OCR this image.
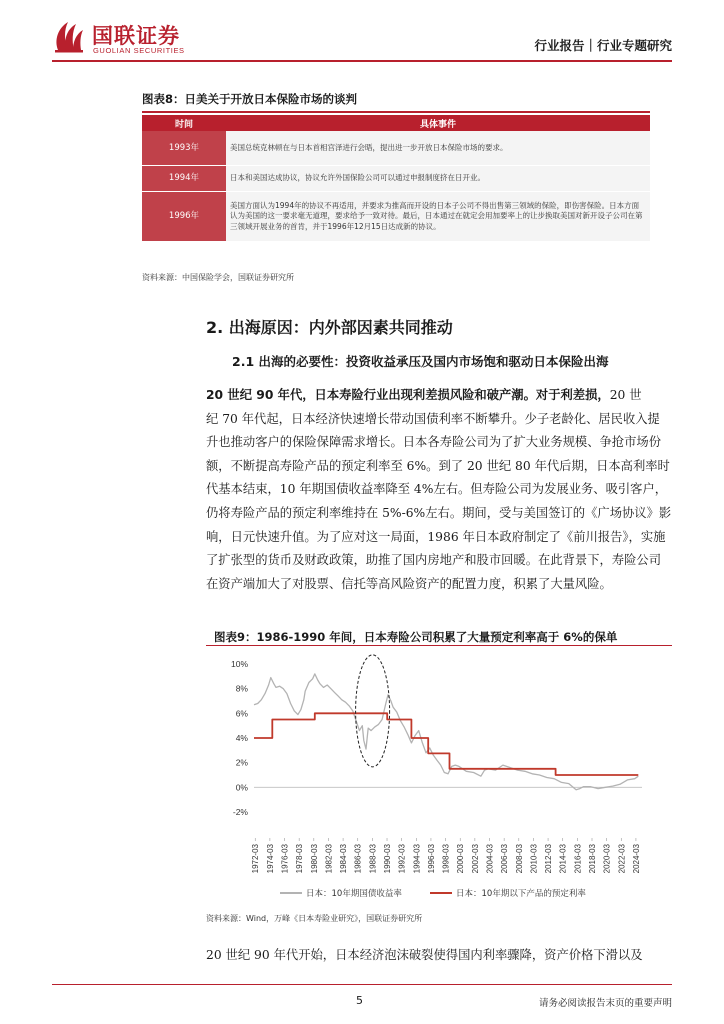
国联证券
GUOLIAN SECURITIES	行业报告｜行业专题研究
图表8：日美关于开放日本保险市场的谈判
时间	具体事件
1993年	美国总统克林顿在与日本首相宫泽进行会晤，提出进一步开放日本保险市场的要求。
1994年	日本和美国达成协议，协议允许外国保险公司可以通过申报制度挤在日开业。
1996年	美国方面认为1994年的协议不再适用，并要求为推高而开设的日本子公司不得出售第三领域的保险，即伤害保险。日本方面认为美国的这一要求毫无道理，要求给予一致对待。最后，日本通过在就定会用加要率上的让步换取美国对新开设子公司在第三领域开展业务的首肯，并于1996年12月15日达成新的协议。
资料来源：中国保险学会，国联证券研究所
2. 出海原因：内外部因素共同推动
2.1 出海的必要性：投资收益承压及国内市场饱和驱动日本保险出海
20 世纪 90 年代，日本寿险行业出现利差损风险和破产潮。对于利差损，20 世
纪 70 年代起，日本经济快速增长带动国债利率不断攀升。少子老龄化、居民收入提
升也推动客户的保险保障需求增长。日本各寿险公司为了扩大业务规模、争抢市场份
额，不断提高寿险产品的预定利率至 6%。到了 20 世纪 80 年代后期，日本高利率时
代基本结束，10 年期国债收益率降至 4%左右。但寿险公司为发展业务、吸引客户，
仍将寿险产品的预定利率维持在 5%-6%左右。期间，受与美国签订的《广场协议》影
响，日元快速升值。为了应对这一局面，1986 年日本政府制定了《前川报告》，实施
了扩张型的货币及财政政策，助推了国内房地产和股市回暖。在此背景下，寿险公司
在资产端加大了对股票、信托等高风险资产的配置力度，积累了大量风险。
图表9：1986-1990 年间，日本寿险公司积累了大量预定利率高于 6%的保单
10%
8%
6%
4%
2%
0%
-2%
1972-03 1974-03 1976-03 1978-03 1980-03 1982-03 1984-03 1986-03 1988-03 1990-03 1992-03 1994-03 1996-03 1998-03 2000-03 2002-03 2004-03 2006-03 2008-03 2010-03 2012-03 2014-03 2016-03 2018-03 2020-03 2022-03 2024-03
日本：10年期国债收益率	日本：10年期以下产品的预定利率
资料来源：Wind，万峰《日本寿险业研究》，国联证券研究所
20 世纪 90 年代开始，日本经济泡沫破裂使得国内利率骤降，资产价格下滑以及
5	请务必阅读报告末页的重要声明
